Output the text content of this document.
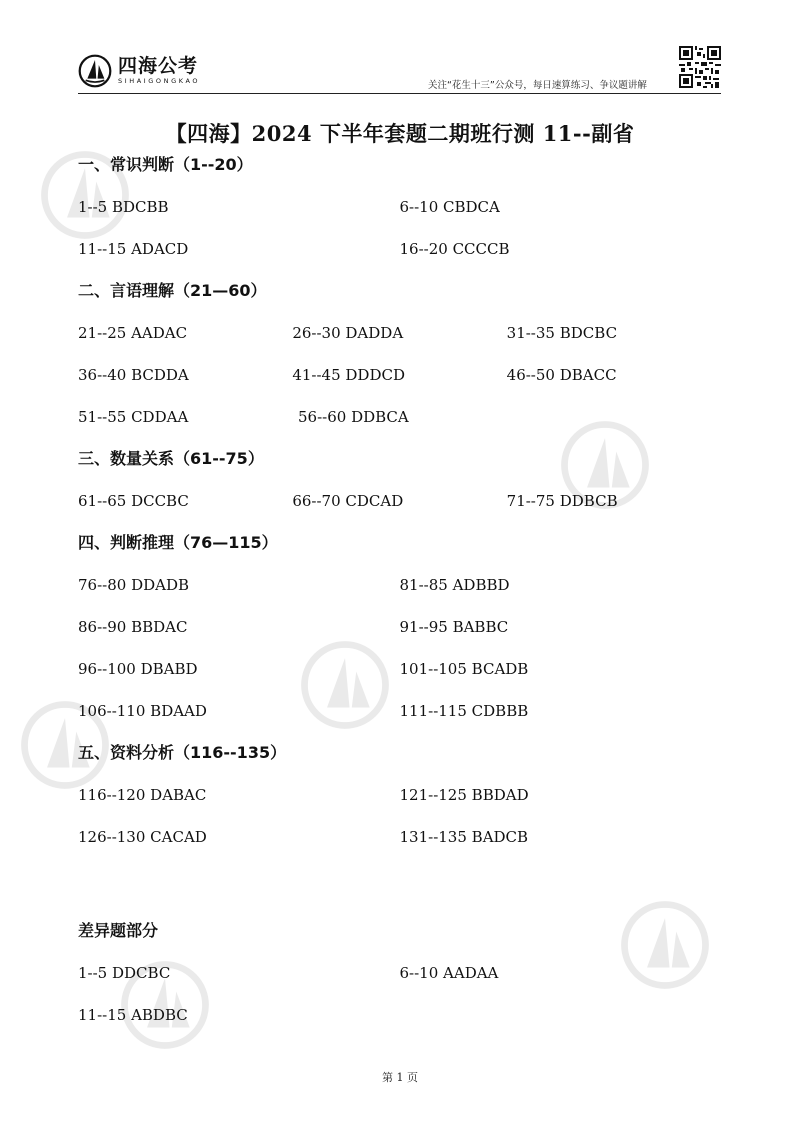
四海公考
SIHAIGONGKAO	关注“花生十三”公众号，每日速算练习、争议题讲解
【四海】2024 下半年套题二期班行测 11--副省
一、常识判断（1--20）
1--5 BDCBB	6--10 CBDCA
11--15 ADACD	16--20 CCCCB
二、言语理解（21—60）
21--25 AADAC	26--30 DADDA	31--35 BDCBC
36--40 BCDDA	41--45 DDDCD	46--50 DBACC
51--55 CDDAA	56--60 DDBCA
三、数量关系（61--75）
61--65 DCCBC	66--70 CDCAD	71--75 DDBCB
四、判断推理（76—115）
76--80 DDADB	81--85 ADBBD
86--90 BBDAC	91--95 BABBC
96--100 DBABD	101--105 BCADB
106--110 BDAAD	111--115 CDBBB
五、资料分析（116--135）
116--120 DABAC	121--125 BBDAD
126--130 CACAD	131--135 BADCB
差异题部分
1--5 DDCBC	6--10 AADAA
11--15 ABDBC
第 1 页
